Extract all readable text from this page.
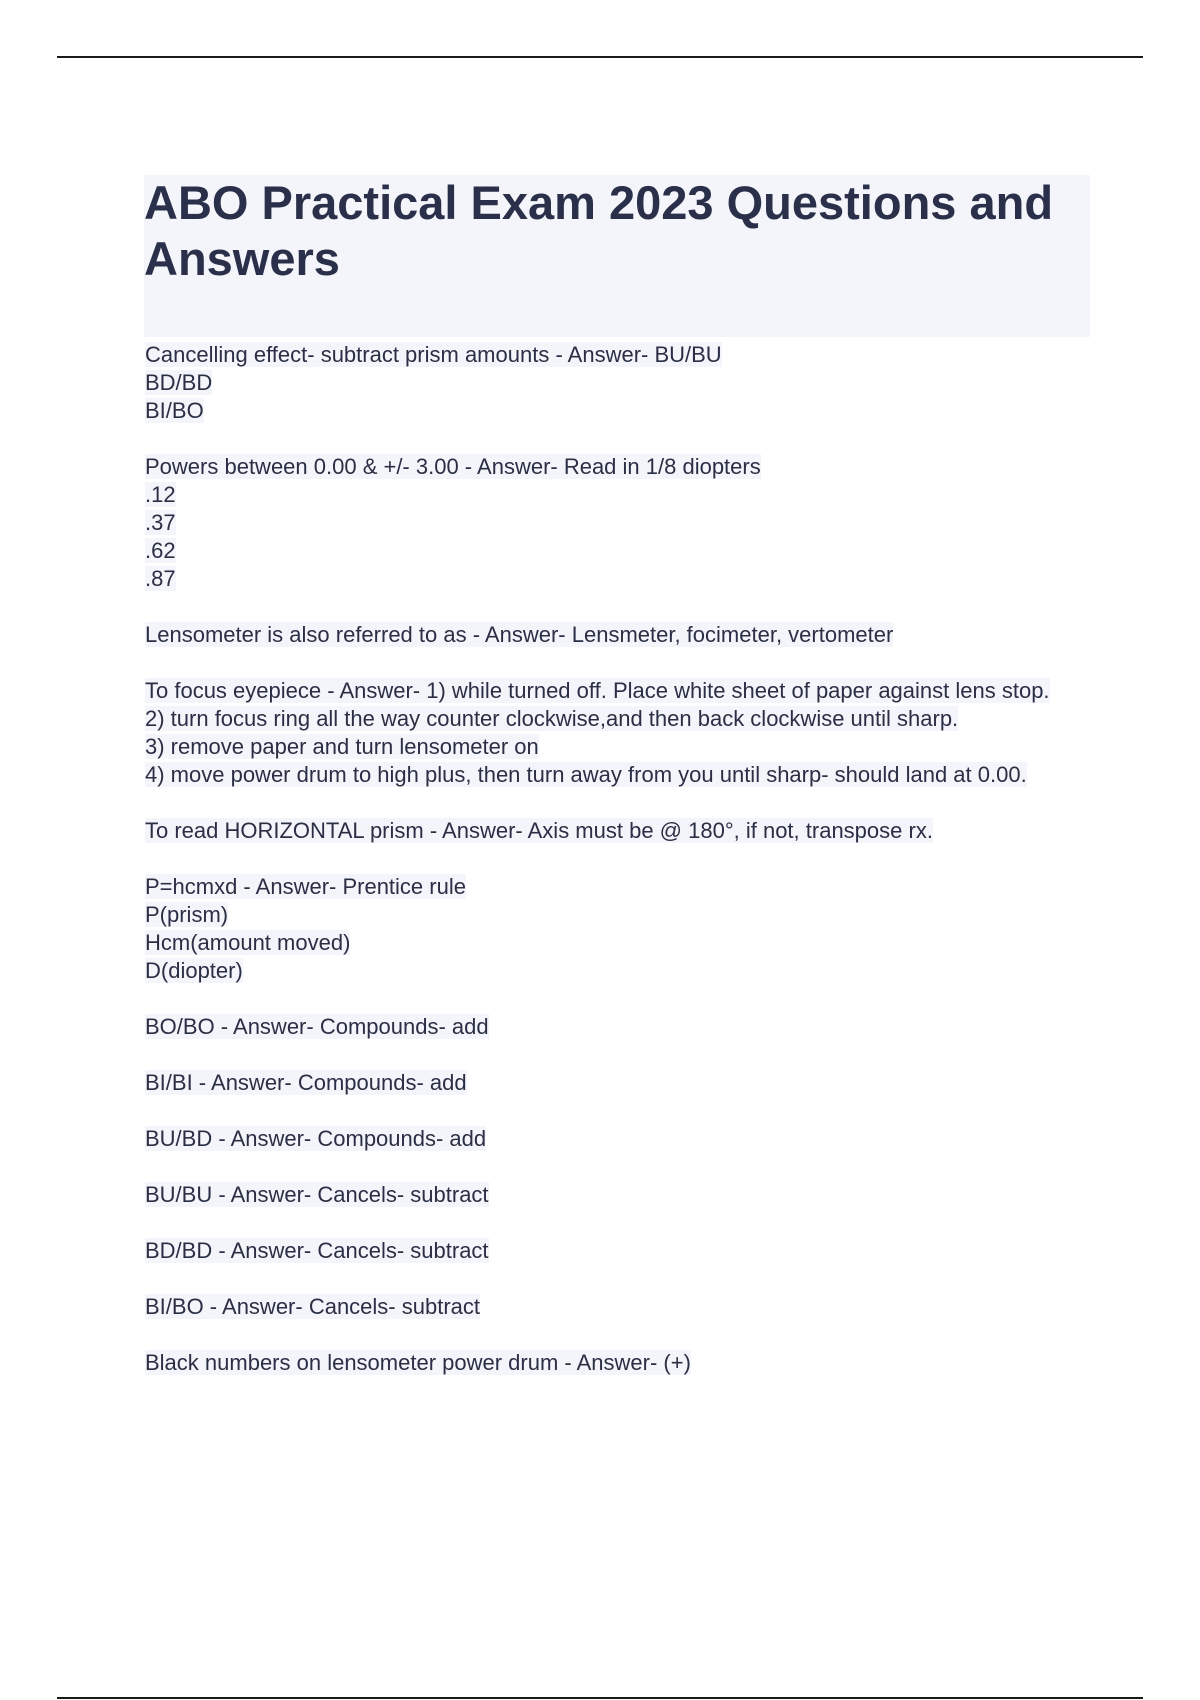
ABO Practical Exam 2023 Questions and Answers
Cancelling effect- subtract prism amounts - Answer- BU/BU
BD/BD
BI/BO
Powers between 0.00 & +/- 3.00 - Answer- Read in 1/8 diopters
.12
.37
.62
.87
Lensometer is also referred to as - Answer- Lensmeter, focimeter, vertometer
To focus eyepiece - Answer- 1) while turned off. Place white sheet of paper against lens stop.
2) turn focus ring all the way counter clockwise,and then back clockwise until sharp.
3) remove paper and turn lensometer on
4) move power drum to high plus, then turn away from you until sharp- should land at 0.00.
To read HORIZONTAL prism - Answer- Axis must be @ 180°, if not, transpose rx.
P=hcmxd - Answer- Prentice rule
P(prism)
Hcm(amount moved)
D(diopter)
BO/BO - Answer- Compounds- add
BI/BI - Answer- Compounds- add
BU/BD - Answer- Compounds- add
BU/BU - Answer- Cancels- subtract
BD/BD - Answer- Cancels- subtract
BI/BO - Answer- Cancels- subtract
Black numbers on lensometer power drum - Answer- (+)
